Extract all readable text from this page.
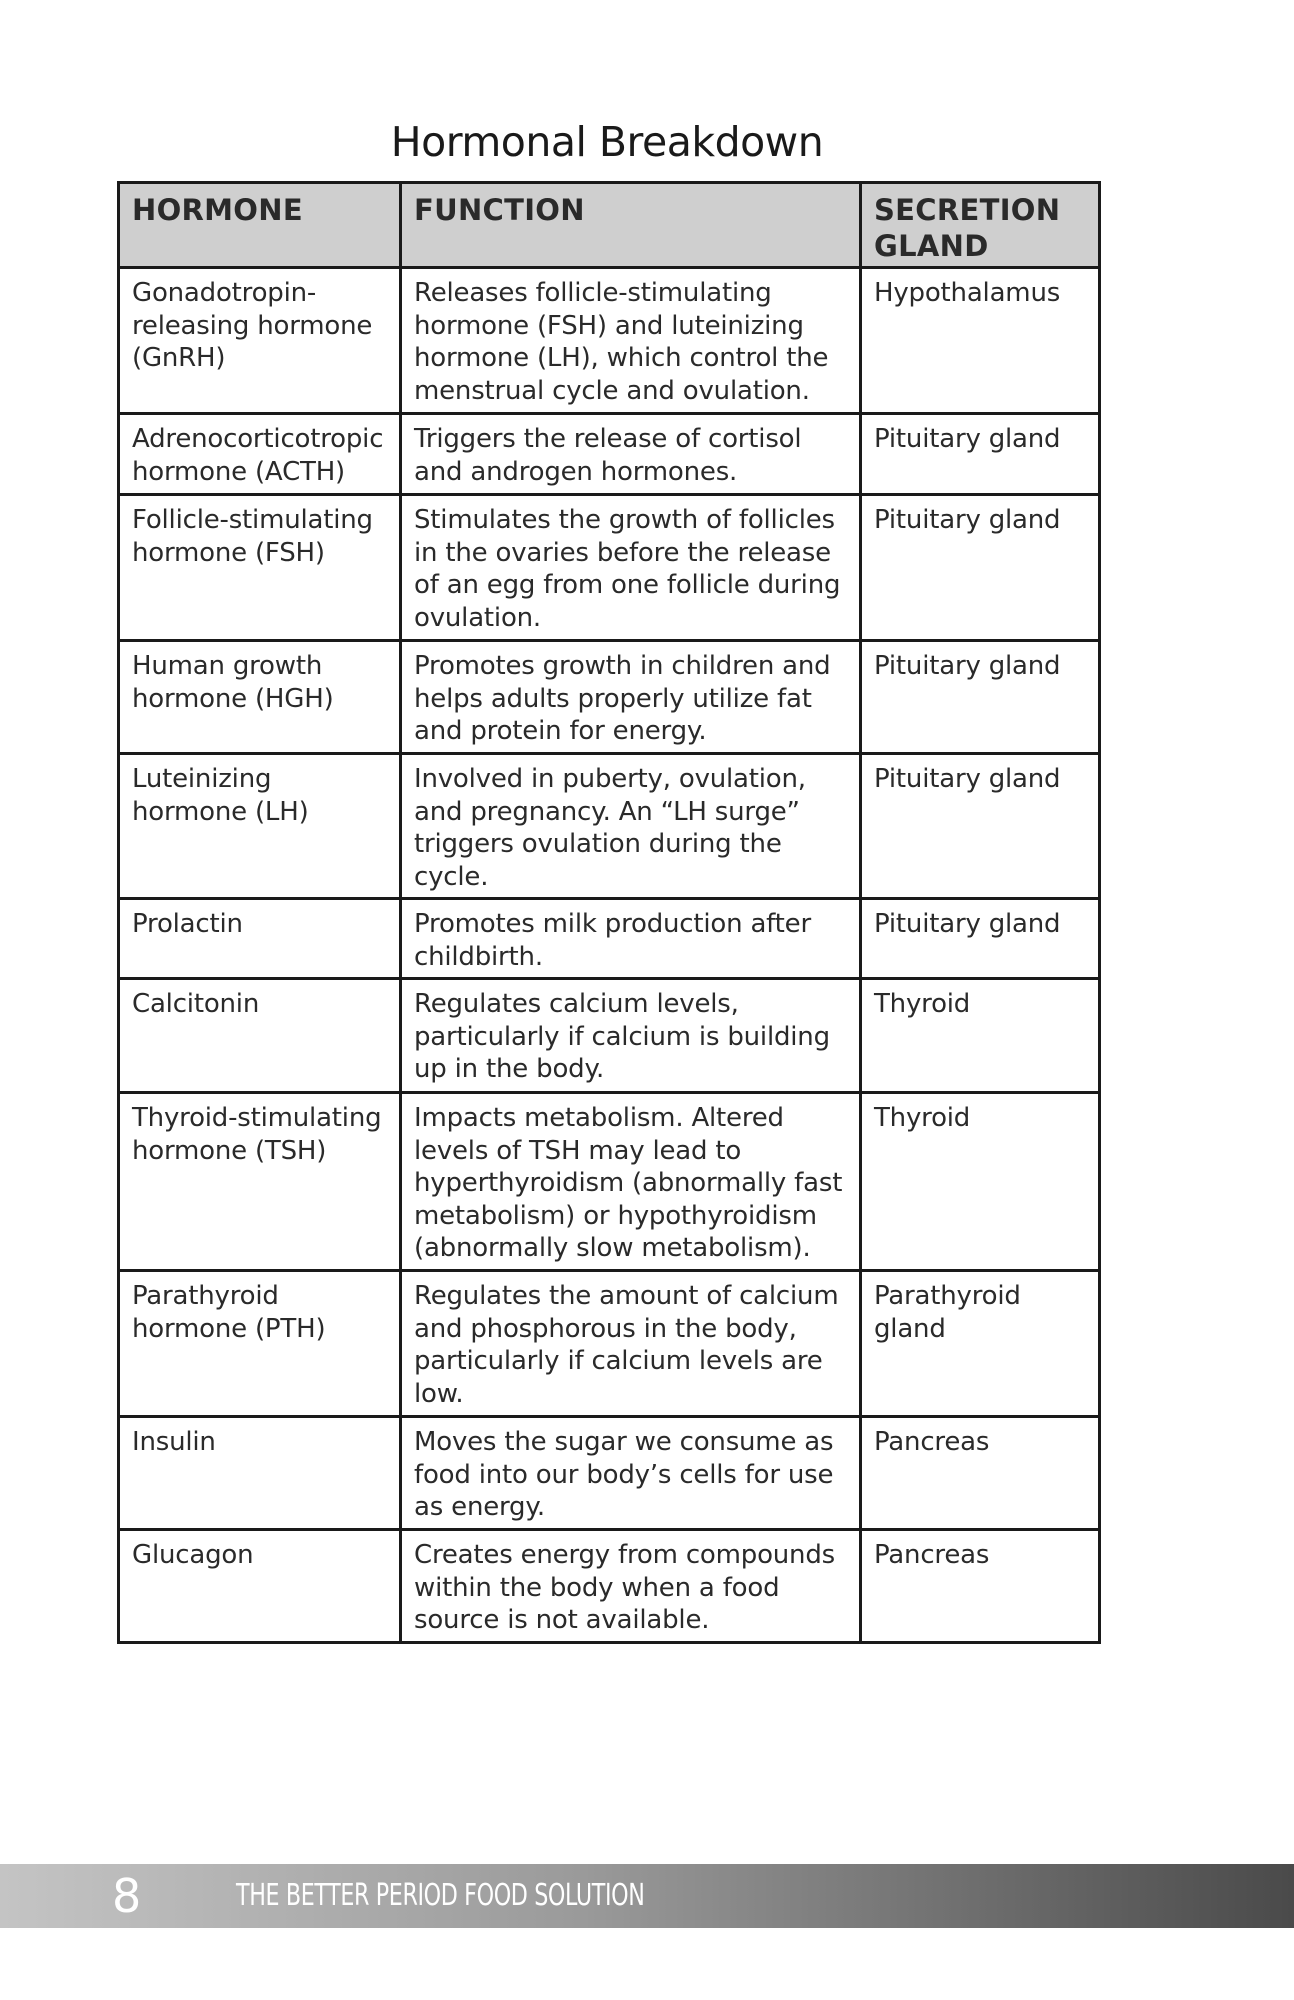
Hormonal Breakdown
HORMONE	FUNCTION	SECRETION GLAND
Gonadotropin-releasing hormone (GnRH)	Releases follicle-stimulating hormone (FSH) and luteinizing hormone (LH), which control the menstrual cycle and ovulation.	Hypothalamus
Adrenocorticotropic hormone (ACTH)	Triggers the release of cortisol and androgen hormones.	Pituitary gland
Follicle-stimulating hormone (FSH)	Stimulates the growth of follicles in the ovaries before the release of an egg from one follicle during ovulation.	Pituitary gland
Human growth hormone (HGH)	Promotes growth in children and helps adults properly utilize fat and protein for energy.	Pituitary gland
Luteinizing hormone (LH)	Involved in puberty, ovulation, and pregnancy. An “LH surge” triggers ovulation during the cycle.	Pituitary gland
Prolactin	Promotes milk production after childbirth.	Pituitary gland
Calcitonin	Regulates calcium levels, particularly if calcium is building up in the body.	Thyroid
Thyroid-stimulating hormone (TSH)	Impacts metabolism. Altered levels of TSH may lead to hyperthyroidism (abnormally fast metabolism) or hypothyroidism (abnormally slow metabolism).	Thyroid
Parathyroid hormone (PTH)	Regulates the amount of calcium and phosphorous in the body, particularly if calcium levels are low.	Parathyroid gland
Insulin	Moves the sugar we consume as food into our body’s cells for use as energy.	Pancreas
Glucagon	Creates energy from compounds within the body when a food source is not available.	Pancreas
8	THE BETTER PERIOD FOOD SOLUTION
